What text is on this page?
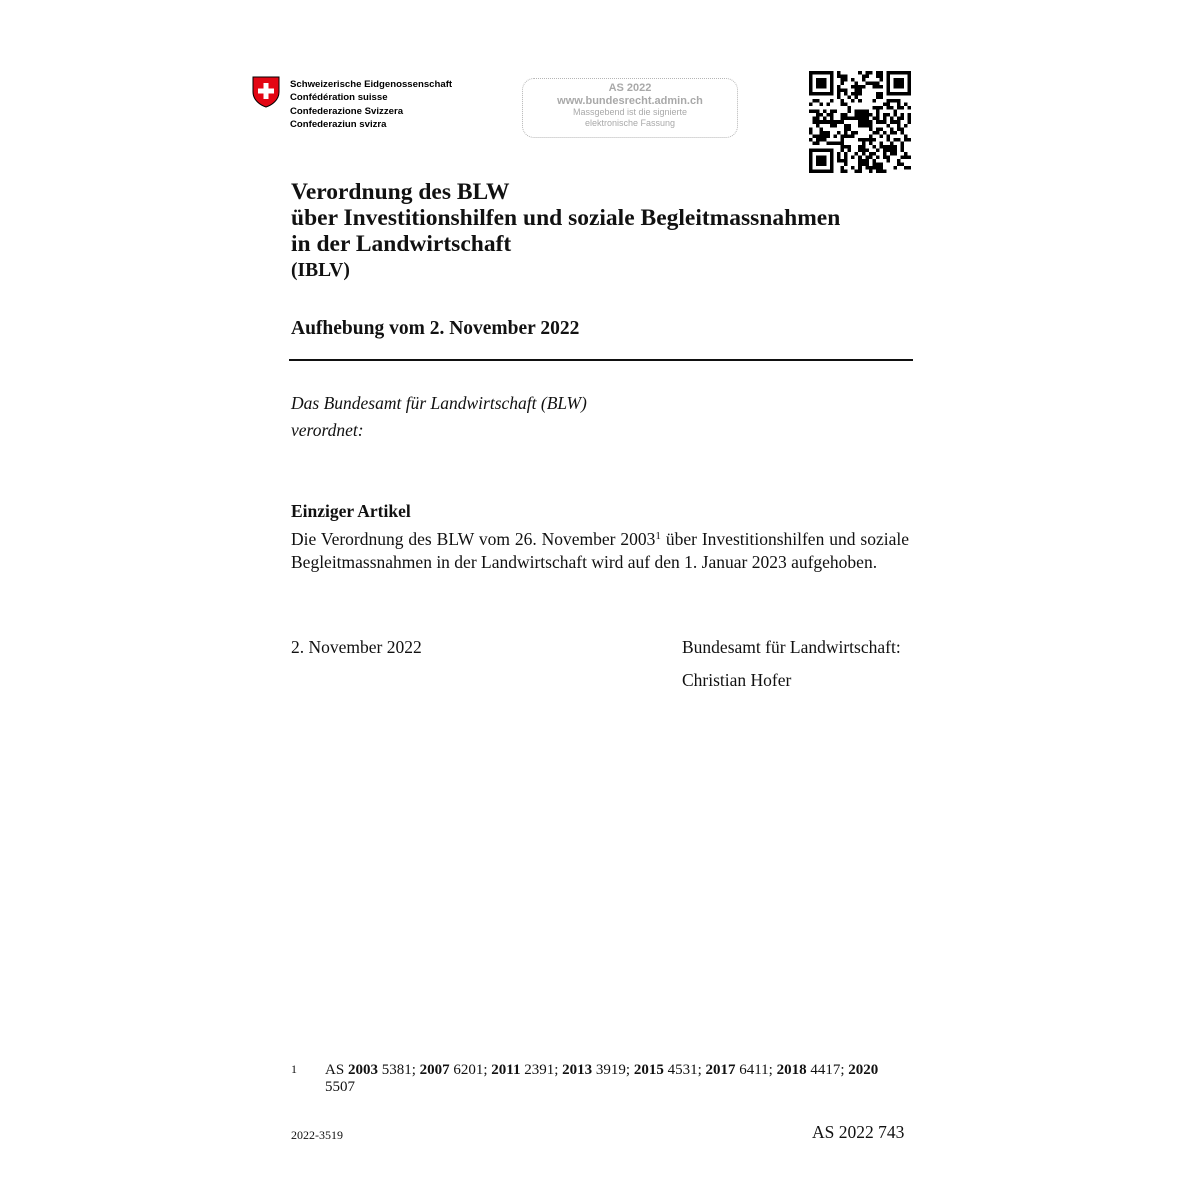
Schweizerische Eidgenossenschaft
Confédération suisse
Confederazione Svizzera
Confederaziun svizra
AS 2022
www.bundesrecht.admin.ch
Massgebend ist die signierte
elektronische Fassung
Verordnung des BLW
über Investitionshilfen und soziale Begleitmassnahmen
in der Landwirtschaft
(IBLV)
Aufhebung vom 2. November 2022
Das Bundesamt für Landwirtschaft (BLW)
verordnet:
Einziger Artikel
Die Verordnung des BLW vom 26. November 2003$^1$ über Investitionshilfen und soziale Begleitmassnahmen in der Landwirtschaft wird auf den 1. Januar 2023 aufgehoben.
2. November 2022	Bundesamt für Landwirtschaft:
Christian Hofer
1 AS 2003 5381; 2007 6201; 2011 2391; 2013 3919; 2015 4531; 2017 6411; 2018 4417; 2020 5507
2022-3519	AS 2022 743
